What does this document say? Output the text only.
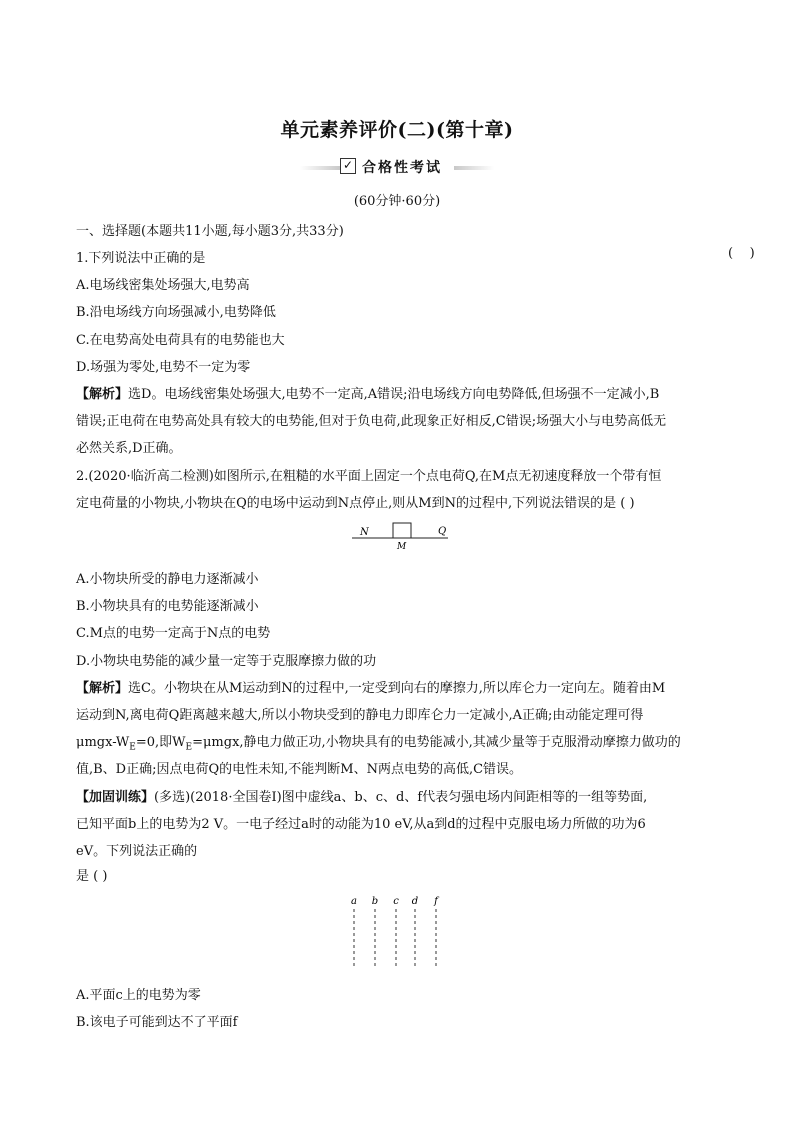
单元素养评价(二)(第十章)
✓ 合格性考试
(60分钟·60分)
一、选择题(本题共11小题,每小题3分,共33分)
1.下列说法中正确的是	(    )
A.电场线密集处场强大,电势高
B.沿电场线方向场强减小,电势降低
C.在电势高处电荷具有的电势能也大
D.场强为零处,电势不一定为零
【解析】选D。电场线密集处场强大,电势不一定高,A错误;沿电场线方向电势降低,但场强不一定减小,B
错误;正电荷在电势高处具有较大的电势能,但对于负电荷,此现象正好相反,C错误;场强大小与电势高低无
必然关系,D正确。
2.(2020·临沂高二检测)如图所示,在粗糙的水平面上固定一个点电荷Q,在M点无初速度释放一个带有恒
定电荷量的小物块,小物块在Q的电场中运动到N点停止,则从M到N的过程中,下列说法错误的是 ( )
N	Q
M
A.小物块所受的静电力逐渐减小
B.小物块具有的电势能逐渐减小
C.M点的电势一定高于N点的电势
D.小物块电势能的减少量一定等于克服摩擦力做的功
【解析】选C。小物块在从M运动到N的过程中,一定受到向右的摩擦力,所以库仑力一定向左。随着由M
运动到N,离电荷Q距离越来越大,所以小物块受到的静电力即库仑力一定减小,A正确;由动能定理可得
μmgx-$W_E=0$,即$W_E=\mu mgx$,静电力做正功,小物块具有的电势能减小,其减少量等于克服滑动摩擦力做功的
值,B、D正确;因点电荷Q的电性未知,不能判断M、N两点电势的高低,C错误。
【加固训练】(多选)(2018·全国卷Ⅰ)图中虚线a、b、c、d、f代表匀强电场内间距相等的一组等势面,
已知平面b上的电势为2 V。一电子经过a时的动能为10 eV,从a到d的过程中克服电场力所做的功为6
eV。下列说法正确的
是 ( )
a b c d f
A.平面c上的电势为零
B.该电子可能到达不了平面f
